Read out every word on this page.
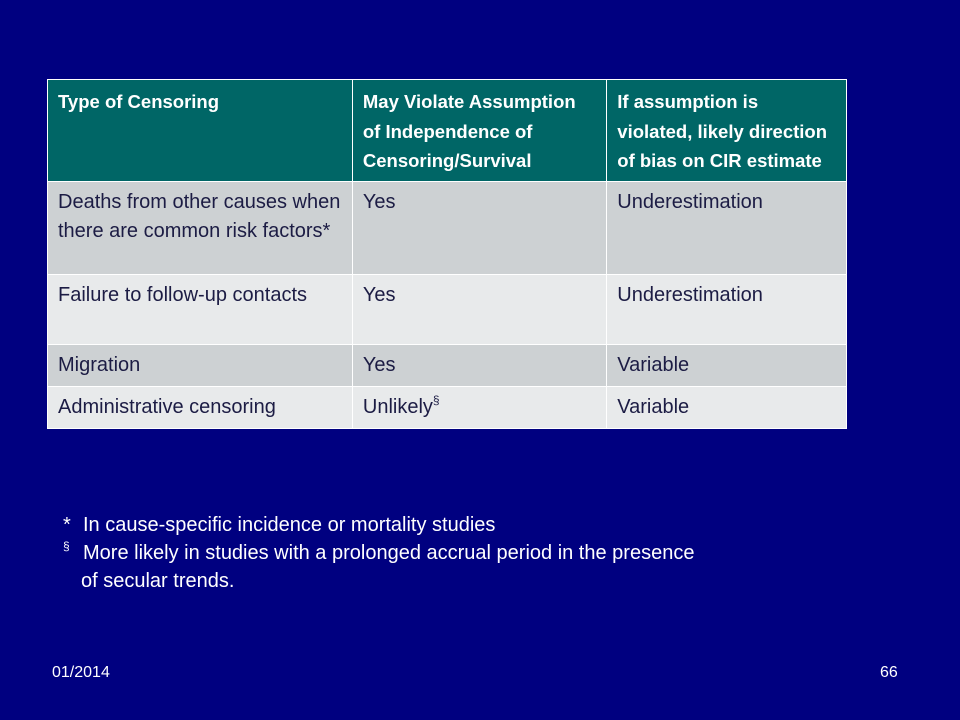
Type of Censoring	May Violate Assumption of Independence of Censoring/Survival	If assumption is violated, likely direction of bias on CIR estimate
Deaths from other causes when there are common risk factors*	Yes	Underestimation
Failure to follow-up contacts	Yes	Underestimation
Migration	Yes	Variable
Administrative censoring	Unlikely§	Variable
* In cause-specific incidence or mortality studies
§ More likely in studies with a prolonged accrual period in the presence
of secular trends.
01/2014	66
